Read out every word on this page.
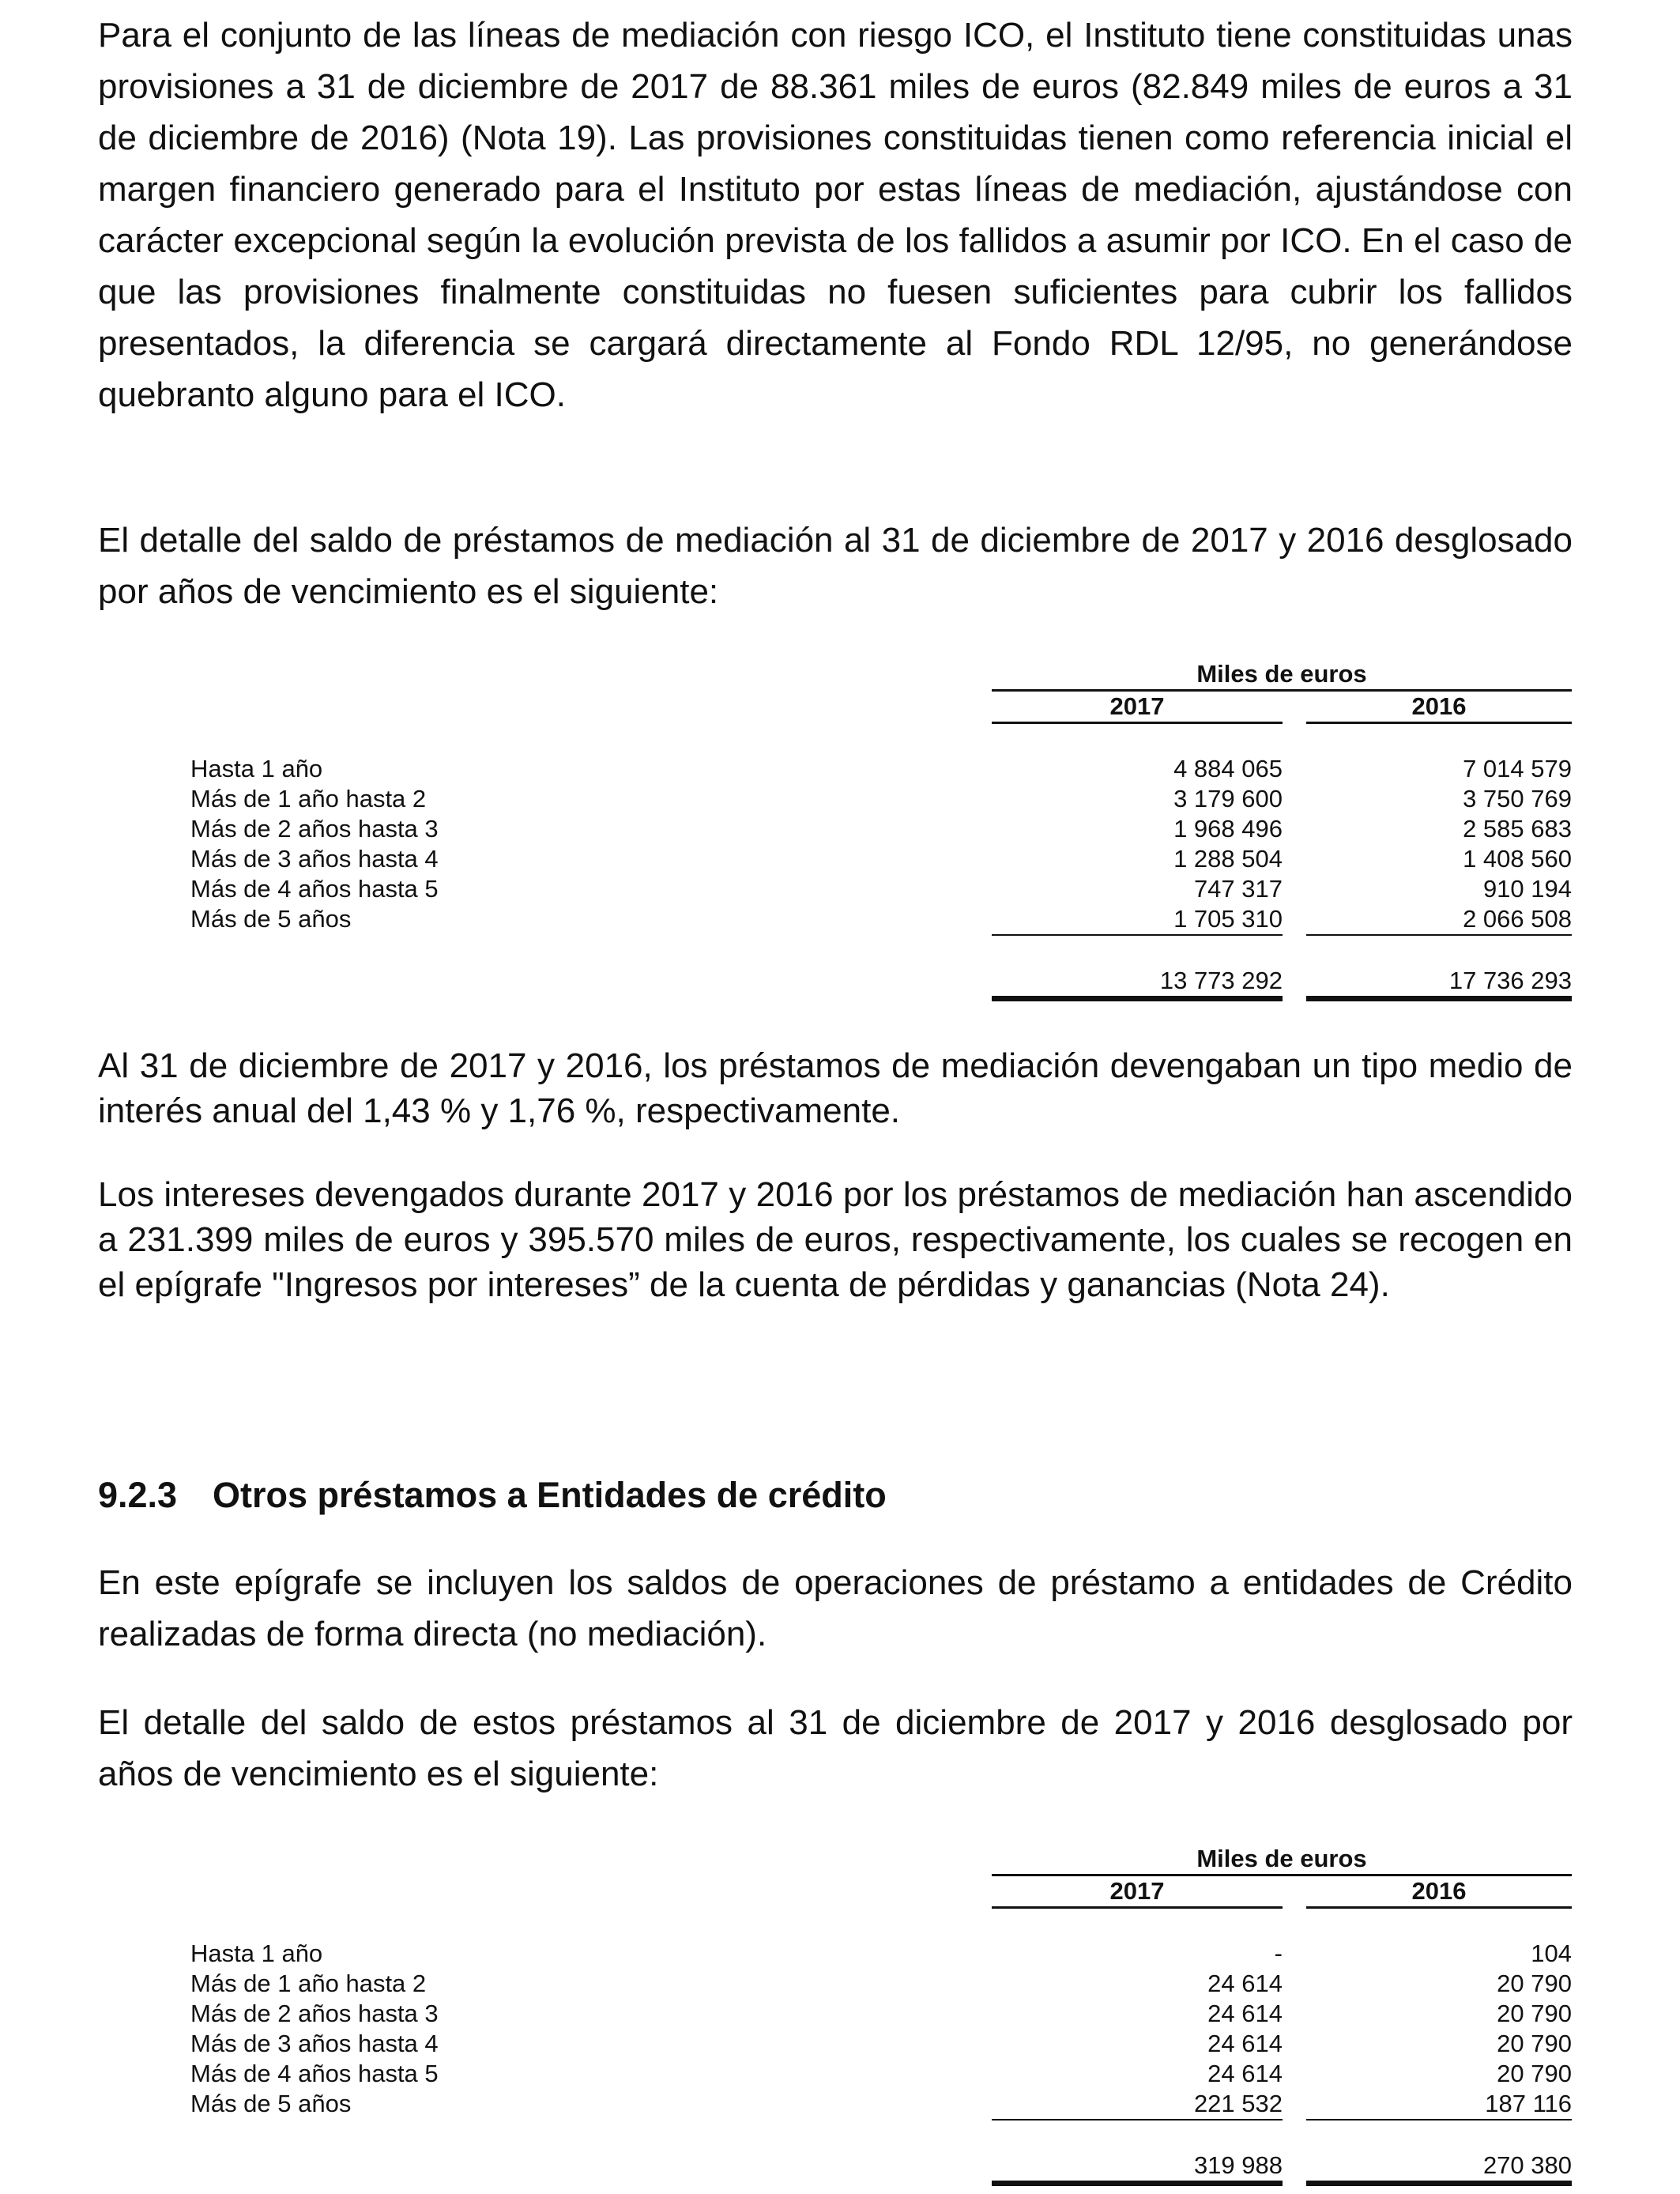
Para el conjunto de las líneas de mediación con riesgo ICO, el Instituto tiene constituidas unas provisiones a 31 de diciembre de 2017 de 88.361 miles de euros (82.849 miles de euros a 31 de diciembre de 2016) (Nota 19). Las provisiones constituidas tienen como referencia inicial el margen financiero generado para el Instituto por estas líneas de mediación, ajustándose con carácter excepcional según la evolución prevista de los fallidos a asumir por ICO. En el caso de que las provisiones finalmente constituidas no fuesen suficientes para cubrir los fallidos presentados, la diferencia se cargará directamente al Fondo RDL 12/95, no generándose quebranto alguno para el ICO.

El detalle del saldo de préstamos de mediación al 31 de diciembre de 2017 y 2016 desglosado por años de vencimiento es el siguiente:

Miles de euros
2017	2016
Hasta 1 año	4 884 065	7 014 579
Más de 1 año hasta 2	3 179 600	3 750 769
Más de 2 años hasta 3	1 968 496	2 585 683
Más de 3 años hasta 4	1 288 504	1 408 560
Más de 4 años hasta 5	747 317	910 194
Más de 5 años	1 705 310	2 066 508
13 773 292	17 736 293

Al 31 de diciembre de 2017 y 2016, los préstamos de mediación devengaban un tipo medio de interés anual del 1,43 % y 1,76 %, respectivamente.

Los intereses devengados durante 2017 y 2016 por los préstamos de mediación han ascendido a 231.399 miles de euros y 395.570 miles de euros, respectivamente, los cuales se recogen en el epígrafe "Ingresos por intereses” de la cuenta de pérdidas y ganancias (Nota 24).

9.2.3 Otros préstamos a Entidades de crédito

En este epígrafe se incluyen los saldos de operaciones de préstamo a entidades de Crédito realizadas de forma directa (no mediación).

El detalle del saldo de estos préstamos al 31 de diciembre de 2017 y 2016 desglosado por años de vencimiento es el siguiente:

Miles de euros
2017	2016
Hasta 1 año	-	104
Más de 1 año hasta 2	24 614	20 790
Más de 2 años hasta 3	24 614	20 790
Más de 3 años hasta 4	24 614	20 790
Más de 4 años hasta 5	24 614	20 790
Más de 5 años	221 532	187 116
319 988	270 380
